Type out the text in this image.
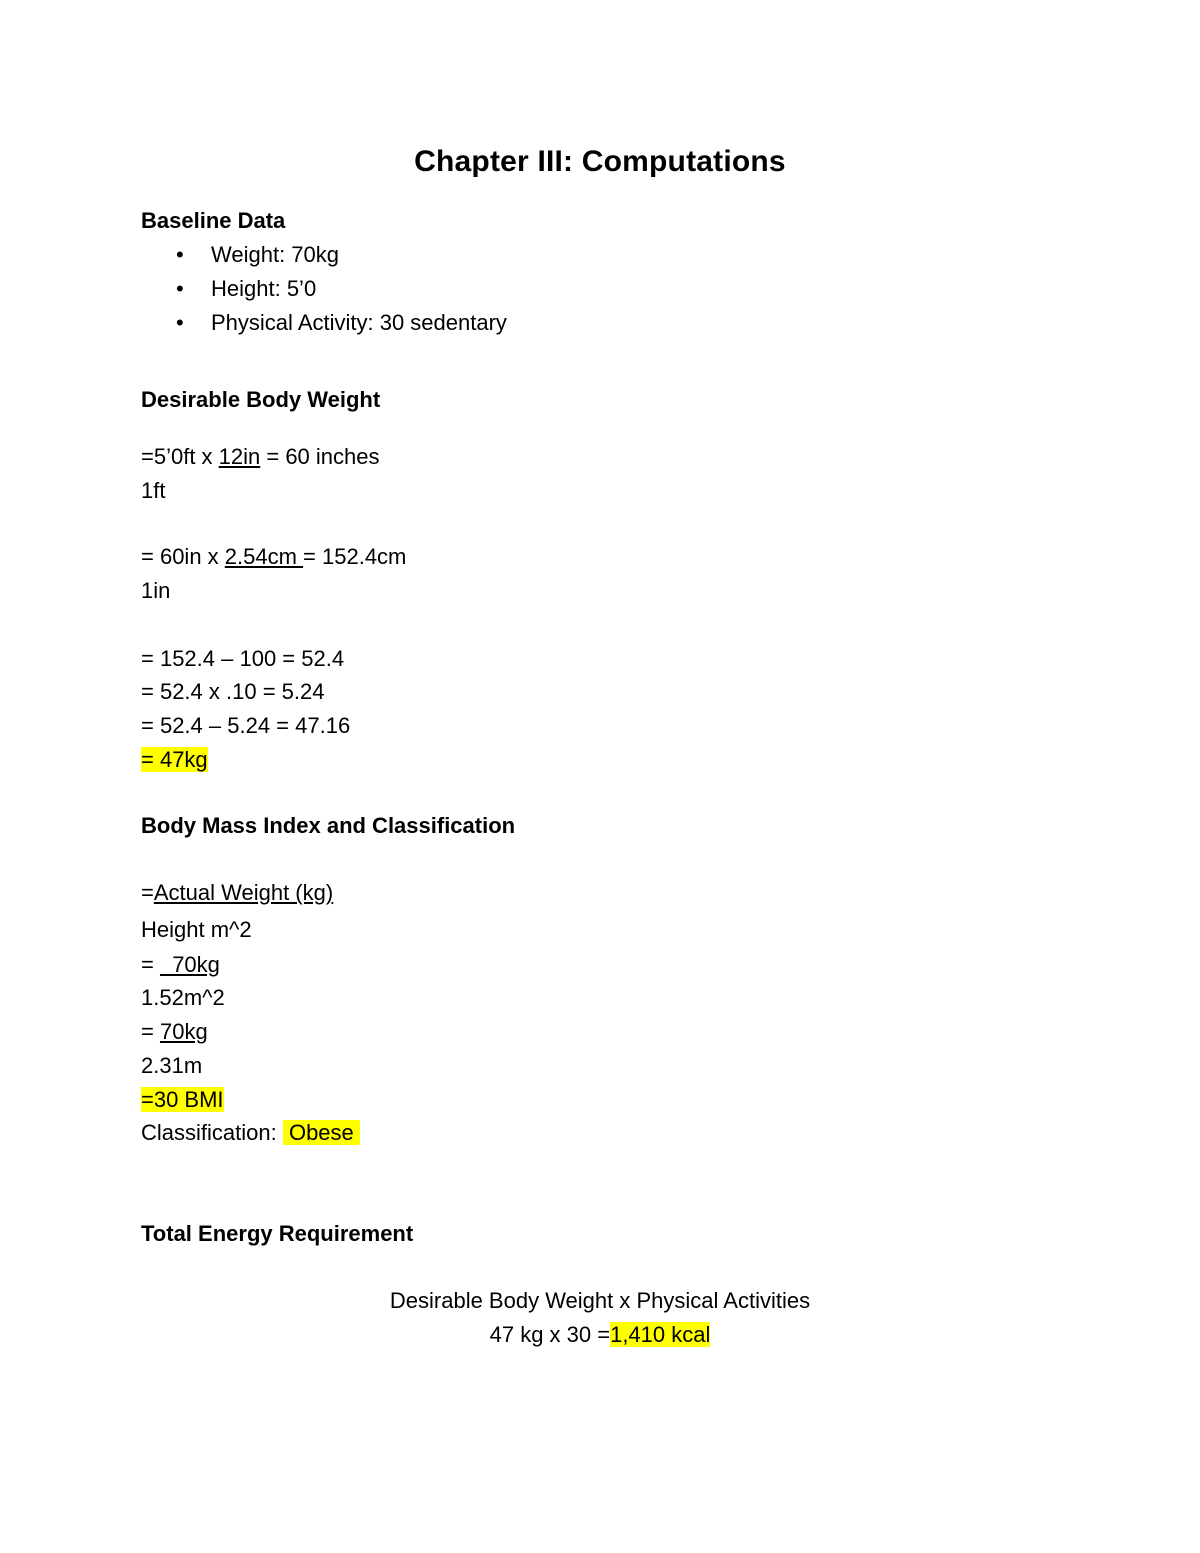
Chapter III: Computations
Baseline Data
• Weight: 70kg
• Height: 5’0
• Physical Activity: 30 sedentary
Desirable Body Weight
=5’0ft x 12in = 60 inches
1ft
= 60in x 2.54cm = 152.4cm
1in
= 152.4 – 100 = 52.4
= 52.4 x .10 = 5.24
= 52.4 – 5.24 = 47.16
= 47kg
Body Mass Index and Classification
=Actual Weight (kg)
Height m^2
=   70kg
1.52m^2
= 70kg
2.31m
=30 BMI
Classification:  Obese
Total Energy Requirement
Desirable Body Weight x Physical Activities
47 kg x 30 =1,410 kcal
